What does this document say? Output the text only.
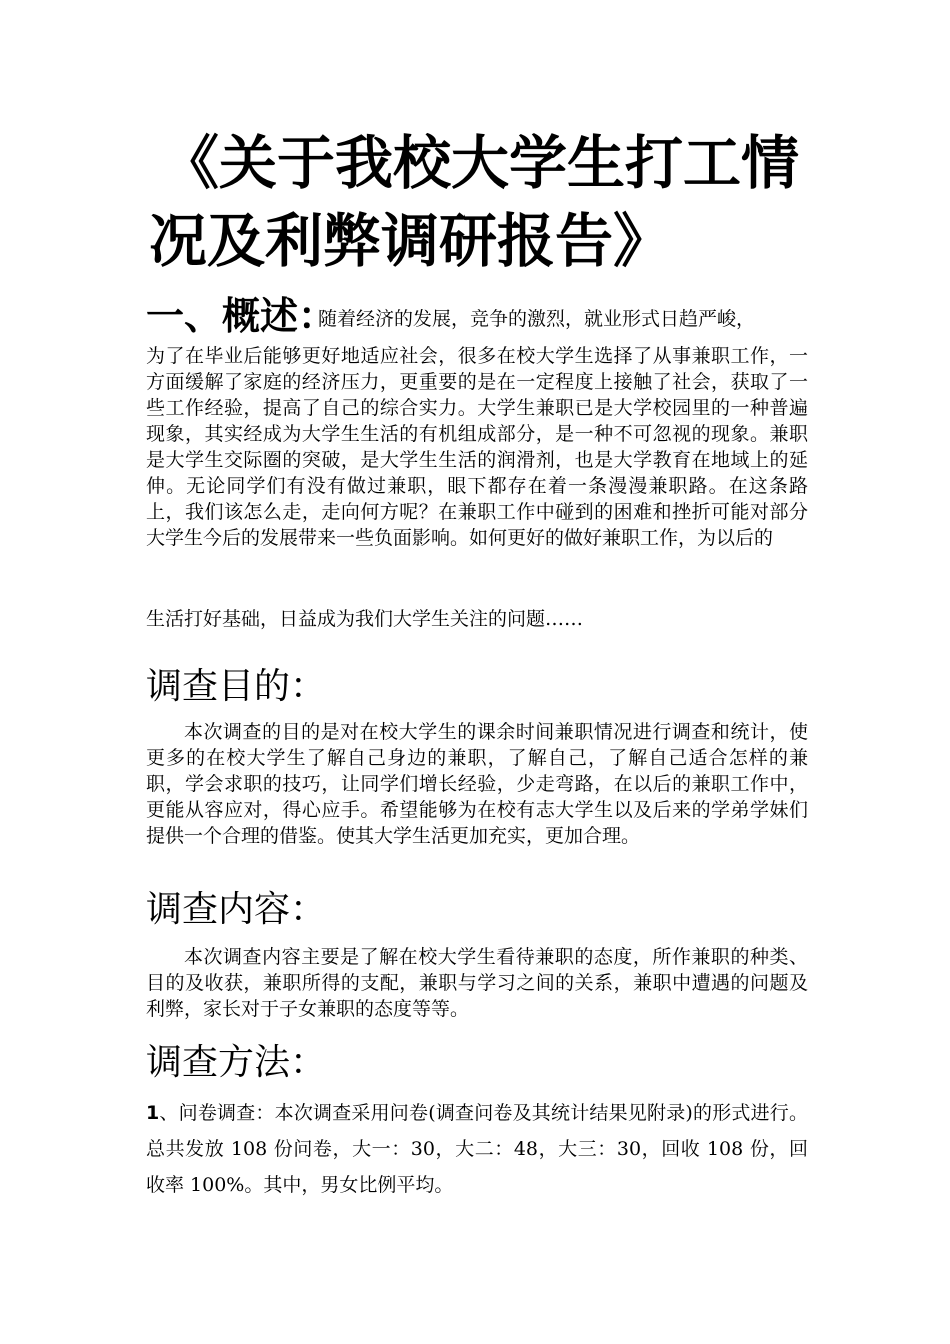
《关于我校大学生打工情
况及利弊调研报告》
一、概述：
随着经济的发展，竞争的激烈，就业形式日趋严峻，

为了在毕业后能够更好地适应社会，很多在校大学生选择了从事兼职工作，一方面缓解了家庭的经济压力，更重要的是在一定程度上接触了社会，获取了一些工作经验，提高了自己的综合实力。大学生兼职已是大学校园里的一种普遍现象，其实经成为大学生生活的有机组成部分，是一种不可忽视的现象。兼职是大学生交际圈的突破，是大学生生活的润滑剂，也是大学教育在地域上的延伸。无论同学们有没有做过兼职，眼下都存在着一条漫漫兼职路。在这条路上，我们该怎么走，走向何方呢？在兼职工作中碰到的困难和挫折可能对部分大学生今后的发展带来一些负面影响。如何更好的做好兼职工作，为以后的

生活打好基础，日益成为我们大学生关注的问题……

调查目的：

本次调查的目的是对在校大学生的课余时间兼职情况进行调查和统计，使更多的在校大学生了解自己身边的兼职，了解自己，了解自己适合怎样的兼职，学会求职的技巧，让同学们增长经验，少走弯路，在以后的兼职工作中，更能从容应对，得心应手。希望能够为在校有志大学生以及后来的学弟学妹们提供一个合理的借鉴。使其大学生活更加充实，更加合理。

调查内容：

本次调查内容主要是了解在校大学生看待兼职的态度，所作兼职的种类、目的及收获，兼职所得的支配，兼职与学习之间的关系，兼职中遭遇的问题及利弊，家长对于子女兼职的态度等等。

调查方法：

1、问卷调查：本次调查采用问卷(调查问卷及其统计结果见附录)的形式进行。总共发放 108 份问卷，大一：30，大二：48，大三：30，回收 108 份，回收率 100%。其中，男女比例平均。
